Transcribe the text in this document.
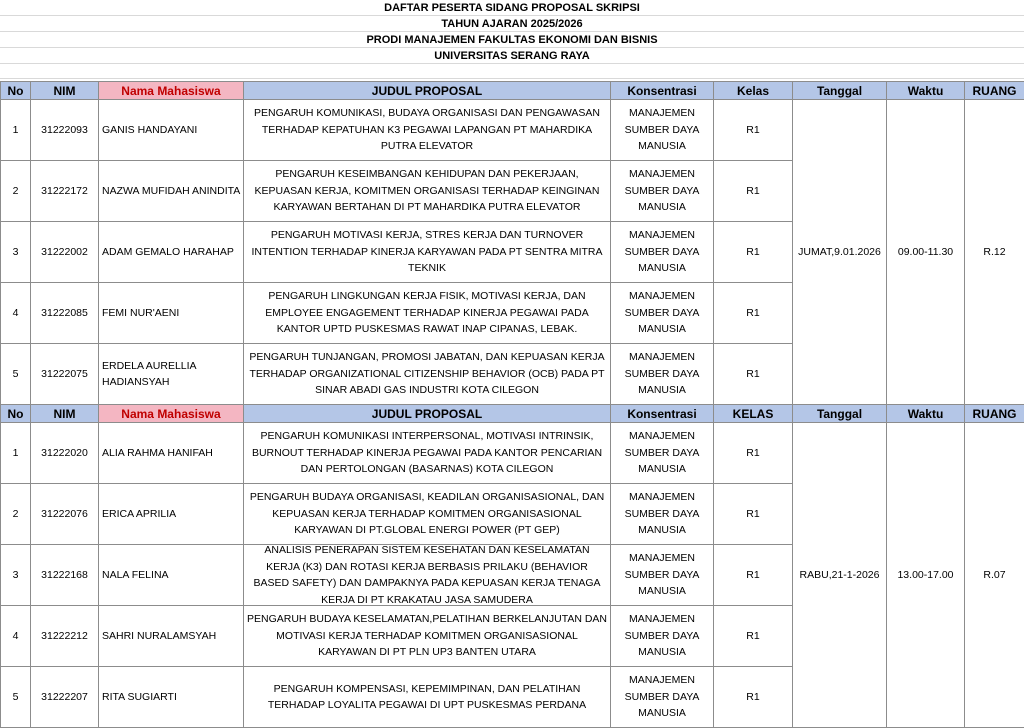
DAFTAR PESERTA SIDANG PROPOSAL SKRIPSI
TAHUN AJARAN 2025/2026
PRODI MANAJEMEN FAKULTAS EKONOMI DAN BISNIS
UNIVERSITAS SERANG RAYA
No	NIM	Nama Mahasiswa	JUDUL PROPOSAL	Konsentrasi	Kelas	Tanggal	Waktu	RUANG
1	31222093	GANIS HANDAYANI	PENGARUH KOMUNIKASI, BUDAYA ORGANISASI DAN PENGAWASAN TERHADAP KEPATUHAN K3 PEGAWAI LAPANGAN PT MAHARDIKA PUTRA ELEVATOR	MANAJEMEN SUMBER DAYA MANUSIA	R1	JUMAT,9.01.2026	09.00-11.30	R.12
2	31222172	NAZWA MUFIDAH ANINDITA	PENGARUH KESEIMBANGAN KEHIDUPAN DAN PEKERJAAN, KEPUASAN KERJA, KOMITMEN ORGANISASI TERHADAP KEINGINAN KARYAWAN BERTAHAN DI PT MAHARDIKA PUTRA ELEVATOR	MANAJEMEN SUMBER DAYA MANUSIA	R1			
3	31222002	ADAM GEMALO HARAHAP	PENGARUH MOTIVASI KERJA, STRES KERJA DAN TURNOVER INTENTION TERHADAP KINERJA KARYAWAN PADA PT SENTRA MITRA TEKNIK	MANAJEMEN SUMBER DAYA MANUSIA	R1			
4	31222085	FEMI NUR'AENI	PENGARUH LINGKUNGAN KERJA FISIK, MOTIVASI KERJA, DAN EMPLOYEE ENGAGEMENT TERHADAP KINERJA PEGAWAI PADA KANTOR UPTD PUSKESMAS RAWAT INAP CIPANAS, LEBAK.	MANAJEMEN SUMBER DAYA MANUSIA	R1			
5	31222075	ERDELA AURELLIA HADIANSYAH	PENGARUH TUNJANGAN, PROMOSI JABATAN, DAN KEPUASAN KERJA TERHADAP ORGANIZATIONAL CITIZENSHIP BEHAVIOR (OCB) PADA PT SINAR ABADI GAS INDUSTRI KOTA CILEGON	MANAJEMEN SUMBER DAYA MANUSIA	R1			
No	NIM	Nama Mahasiswa	JUDUL PROPOSAL	Konsentrasi	KELAS	Tanggal	Waktu	RUANG
1	31222020	ALIA RAHMA HANIFAH	PENGARUH KOMUNIKASI INTERPERSONAL, MOTIVASI INTRINSIK, BURNOUT TERHADAP KINERJA PEGAWAI PADA KANTOR PENCARIAN DAN PERTOLONGAN (BASARNAS) KOTA CILEGON	MANAJEMEN SUMBER DAYA MANUSIA	R1	RABU,21-1-2026	13.00-17.00	R.07
2	31222076	ERICA APRILIA	PENGARUH BUDAYA ORGANISASI, KEADILAN ORGANISASIONAL, DAN KEPUASAN KERJA TERHADAP KOMITMEN ORGANISASIONAL KARYAWAN DI PT.GLOBAL ENERGI POWER (PT GEP)	MANAJEMEN SUMBER DAYA MANUSIA	R1			
3	31222168	NALA FELINA	ANALISIS PENERAPAN SISTEM KESEHATAN DAN KESELAMATAN KERJA (K3) DAN ROTASI KERJA BERBASIS PRILAKU (BEHAVIOR BASED SAFETY) DAN DAMPAKNYA PADA KEPUASAN KERJA TENAGA KERJA DI PT KRAKATAU JASA SAMUDERA	MANAJEMEN SUMBER DAYA MANUSIA	R1			
4	31222212	SAHRI NURALAMSYAH	PENGARUH BUDAYA KESELAMATAN,PELATIHAN BERKELANJUTAN DAN MOTIVASI KERJA TERHADAP KOMITMEN ORGANISASIONAL KARYAWAN DI PT PLN UP3 BANTEN UTARA	MANAJEMEN SUMBER DAYA MANUSIA	R1			
5	31222207	RITA SUGIARTI	PENGARUH KOMPENSASI, KEPEMIMPINAN, DAN PELATIHAN TERHADAP LOYALITA PEGAWAI DI UPT PUSKESMAS PERDANA	MANAJEMEN SUMBER DAYA MANUSIA	R1			
